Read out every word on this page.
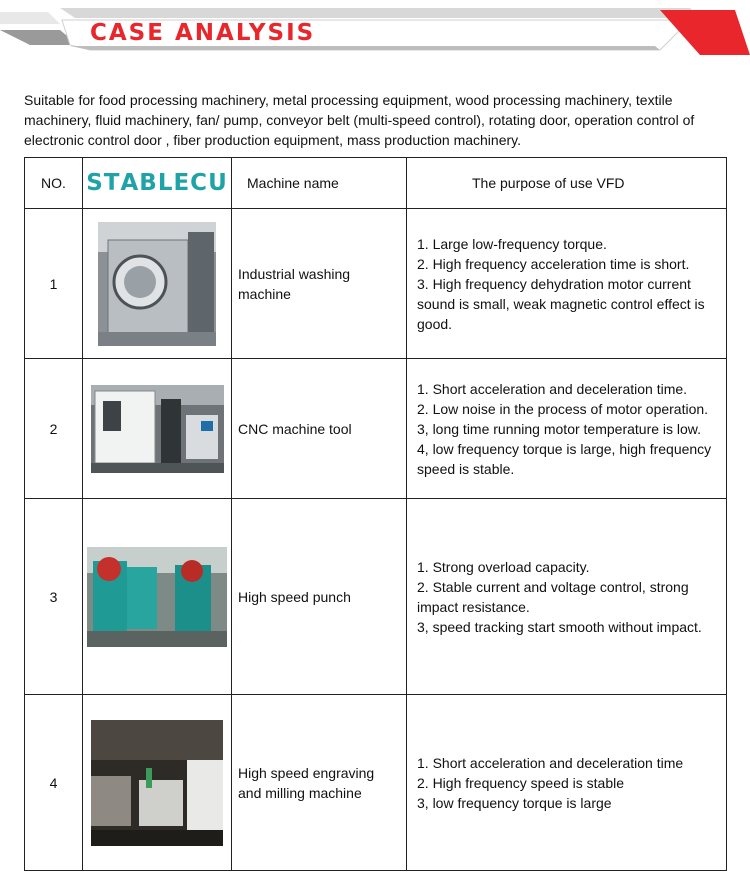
CASE ANALYSIS
Suitable for food processing machinery, metal processing equipment, wood processing machinery, textile machinery, fluid machinery, fan/ pump, conveyor belt (multi-speed control), rotating door, operation control of electronic control door , fiber production equipment, mass production machinery.
NO.	SΤABLECU	Machine name	The purpose of use VFD
1		Industrial washing machine	1. Large low-frequency torque.
2. High frequency acceleration time is short.
3. High frequency dehydration motor current sound is small, weak magnetic control effect is good.

2		CNC machine tool	1. Short acceleration and deceleration time.
2. Low noise in the process of motor operation.
3, long time running motor temperature is low.
4, low frequency torque is large, high frequency speed is stable.

3		High speed punch	1. Strong overload capacity.
2. Stable current and voltage control, strong impact resistance.
3, speed tracking start smooth without impact.

4		High speed engraving and milling machine	1. Short acceleration and deceleration time
2. High frequency speed is stable
3, low frequency torque is large
